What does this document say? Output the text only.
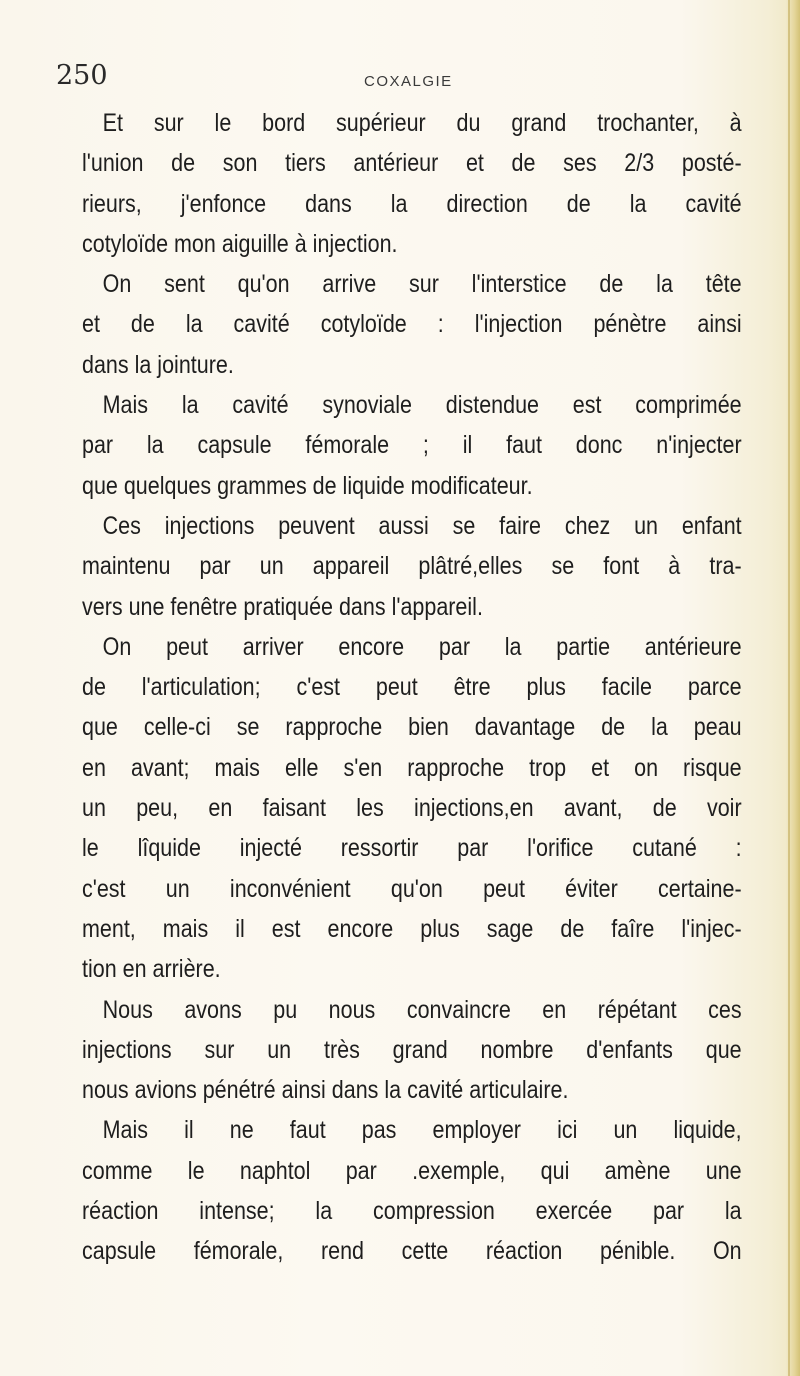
250	COXALGIE
Et sur le bord supérieur du grand trochanter, à
l'union de son tiers antérieur et de ses 2/3 posté-
rieurs, j'enfonce dans la direction de la cavité
cotyloïde mon aiguille à injection.
On sent qu'on arrive sur l'interstice de la tête
et de la cavité cotyloïde : l'injection pénètre ainsi
dans la jointure.
Mais la cavité synoviale distendue est comprimée
par la capsule fémorale ; il faut donc n'injecter
que quelques grammes de liquide modificateur.
Ces injections peuvent aussi se faire chez un enfant
maintenu par un appareil plâtré,elles se font à tra-
vers une fenêtre pratiquée dans l'appareil.
On peut arriver encore par la partie antérieure
de l'articulation; c'est peut être plus facile parce
que celle-ci se rapproche bien davantage de la peau
en avant; mais elle s'en rapproche trop et on risque
un peu, en faisant les injections,en avant, de voir
le lîquide injecté ressortir par l'orifice cutané :
c'est un inconvénient qu'on peut éviter certaine-
ment, mais il est encore plus sage de faîre l'injec-
tion en arrière.
Nous avons pu nous convaincre en répétant ces
injections sur un très grand nombre d'enfants que
nous avions pénétré ainsi dans la cavité articulaire.
Mais il ne faut pas employer ici un liquide,
comme le naphtol par .exemple, qui amène une
réaction intense; la compression exercée par la
capsule fémorale, rend cette réaction pénible. On
